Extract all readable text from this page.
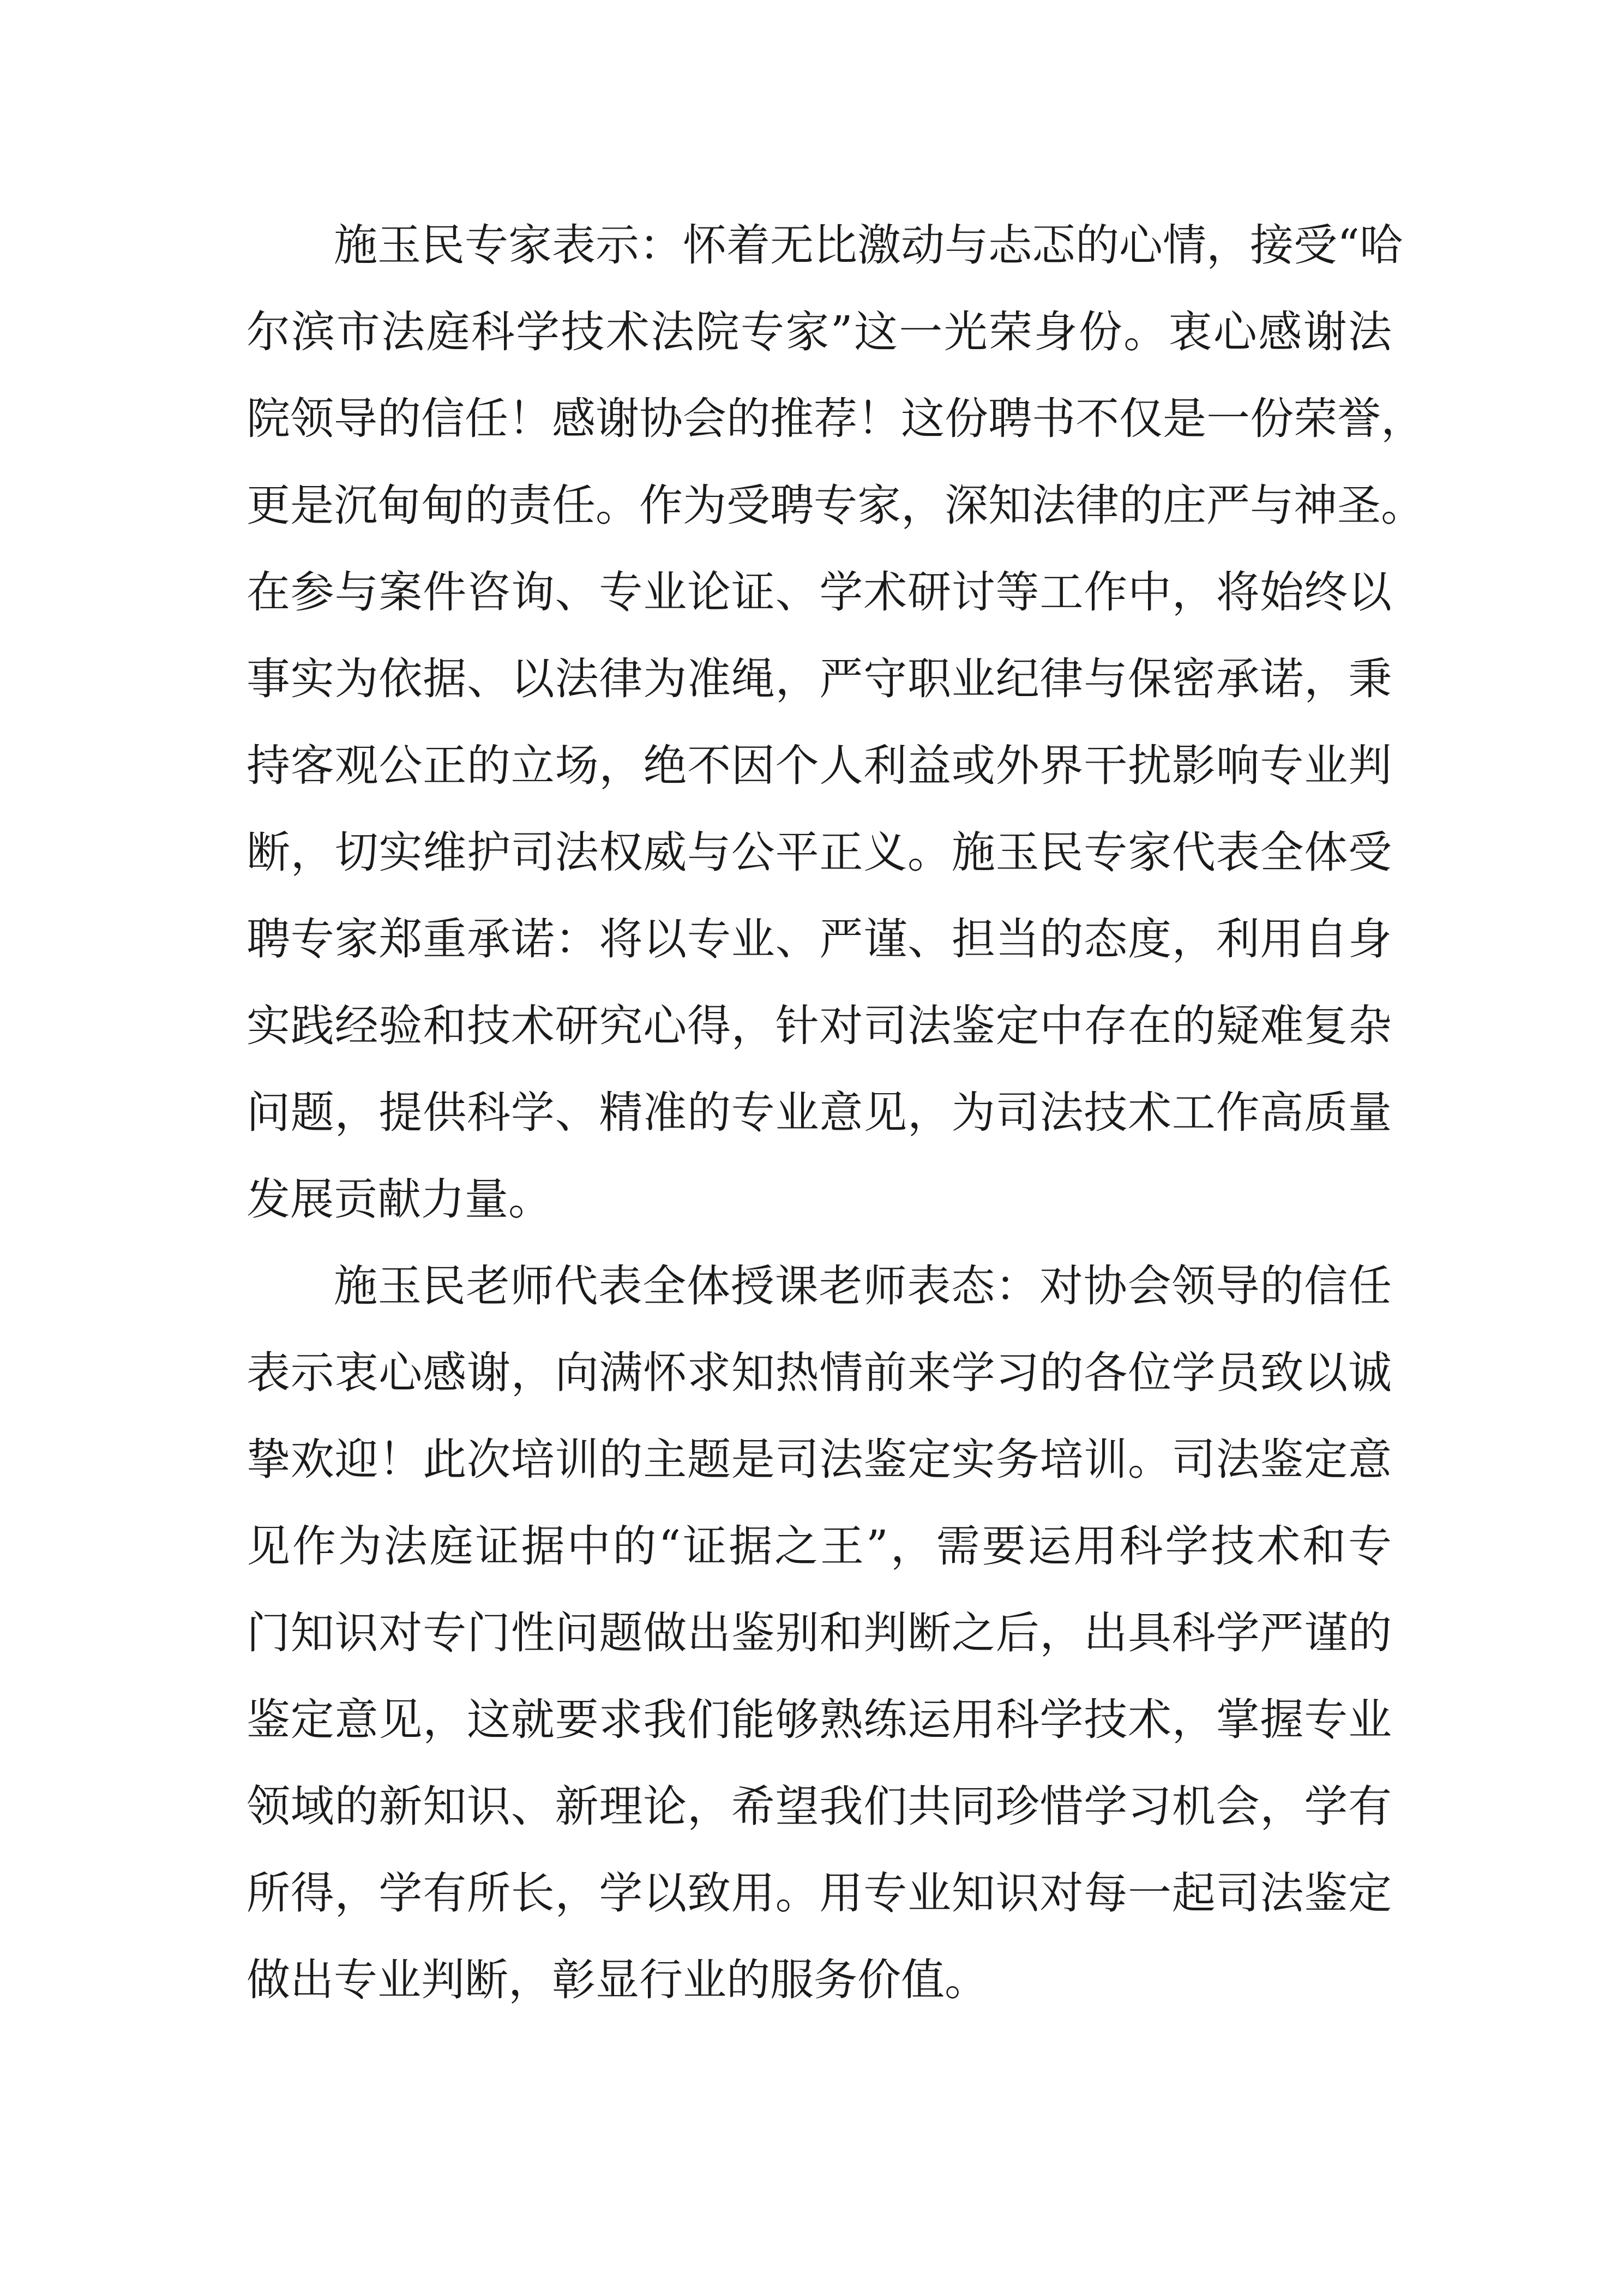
施玉民专家表示：怀着无比激动与忐忑的心情，接受“哈
尔滨市法庭科学技术法院专家”这一光荣身份。衷心感谢法
院领导的信任！感谢协会的推荐！这份聘书不仅是一份荣誉，
更是沉甸甸的责任。作为受聘专家，深知法律的庄严与神圣。
在参与案件咨询、专业论证、学术研讨等工作中，将始终以
事实为依据、以法律为准绳，严守职业纪律与保密承诺，秉
持客观公正的立场，绝不因个人利益或外界干扰影响专业判
断，切实维护司法权威与公平正义。施玉民专家代表全体受
聘专家郑重承诺：将以专业、严谨、担当的态度，利用自身
实践经验和技术研究心得，针对司法鉴定中存在的疑难复杂
问题，提供科学、精准的专业意见，为司法技术工作高质量
发展贡献力量。
施玉民老师代表全体授课老师表态：对协会领导的信任
表示衷心感谢，向满怀求知热情前来学习的各位学员致以诚
挚欢迎！此次培训的主题是司法鉴定实务培训。司法鉴定意
见作为法庭证据中的“证据之王”，需要运用科学技术和专
门知识对专门性问题做出鉴别和判断之后，出具科学严谨的
鉴定意见，这就要求我们能够熟练运用科学技术，掌握专业
领域的新知识、新理论，希望我们共同珍惜学习机会，学有
所得，学有所长，学以致用。用专业知识对每一起司法鉴定
做出专业判断，彰显行业的服务价值。
